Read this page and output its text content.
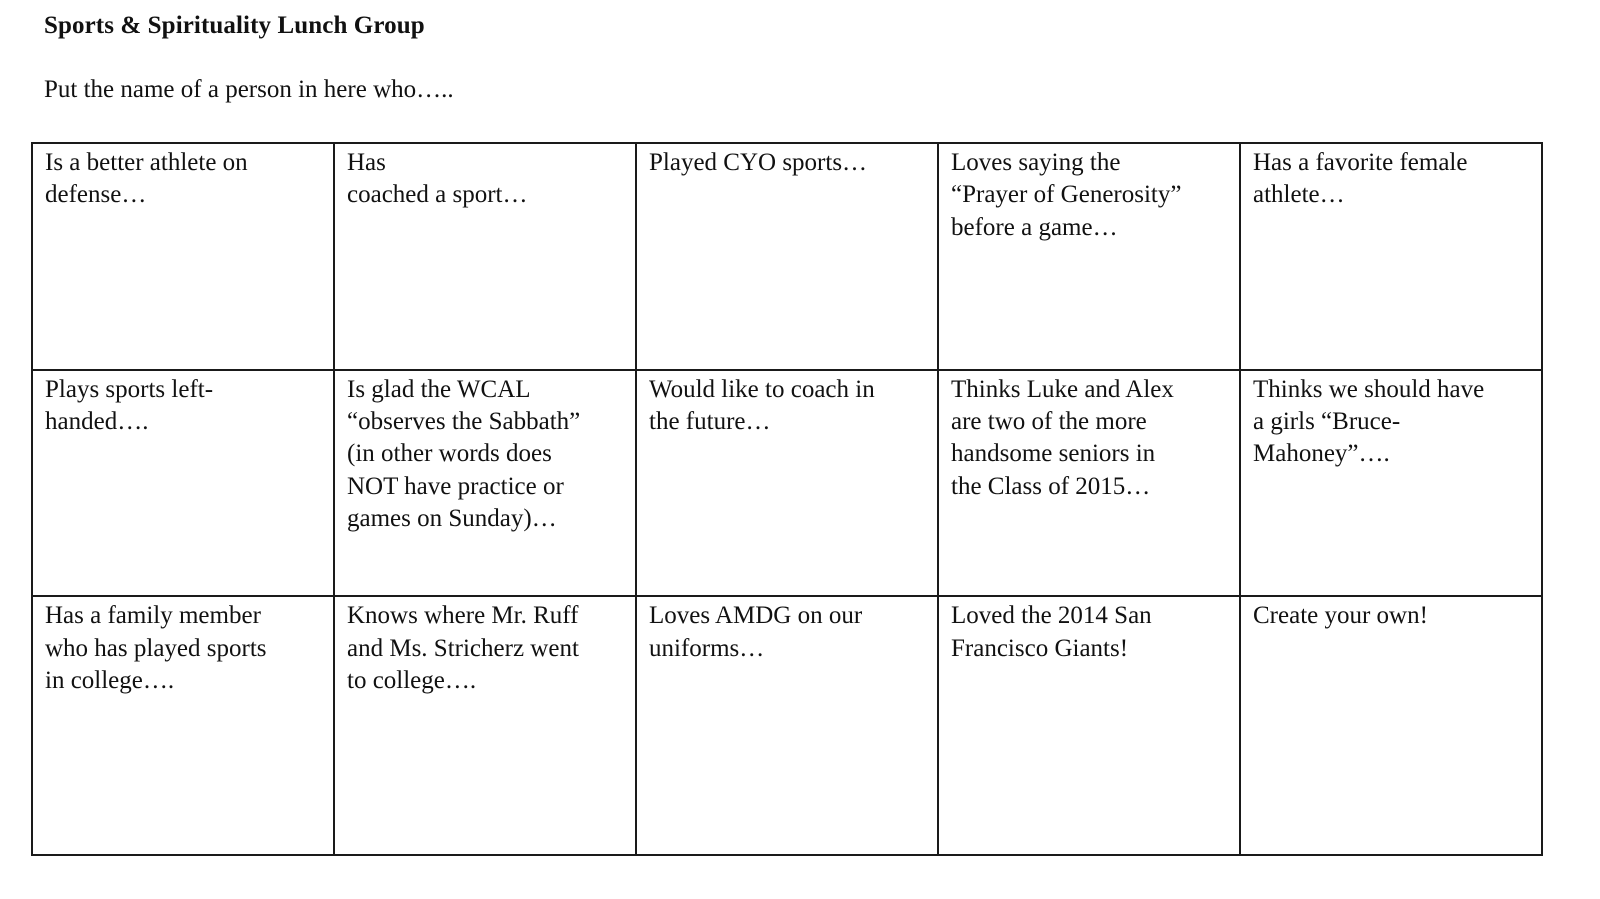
Sports & Spirituality Lunch Group
Put the name of a person in here who…..
Is a better athlete on
defense…	Has
coached a sport…	Played CYO sports…	Loves saying the
“Prayer of Generosity”
before a game…	Has a favorite female
athlete…

Plays sports left-
handed….	Is glad the WCAL
“observes the Sabbath”
(in other words does
NOT have practice or
games on Sunday)…	Would like to coach in
the future…	Thinks Luke and Alex
are two of the more
handsome seniors in
the Class of 2015…	Thinks we should have
a girls “Bruce-
Mahoney”….

Has a family member
who has played sports
in college….	Knows where Mr. Ruff
and Ms. Stricherz went
to college….	Loves AMDG on our
uniforms…	Loved the 2014 San
Francisco Giants!	Create your own!
